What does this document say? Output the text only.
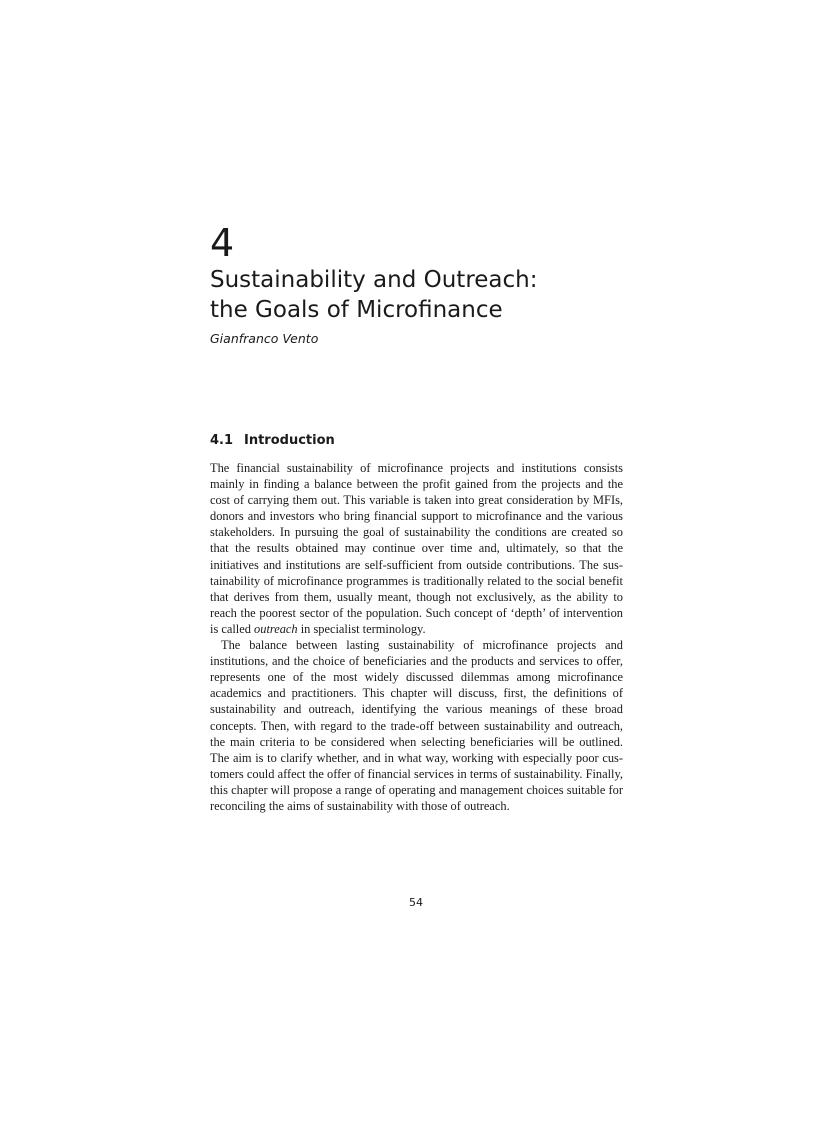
4
Sustainability and Outreach:
the Goals of Microfinance
Gianfranco Vento
4.1 Introduction

The financial sustainability of microfinance projects and institutions consists mainly in finding a balance between the profit gained from the projects and the cost of carrying them out. This variable is taken into great consideration by MFIs, donors and investors who bring financial support to microfinance and the various stakeholders. In pursuing the goal of sustainability the conditions are created so that the results obtained may continue over time and, ultimately, so that the initiatives and institutions are self-sufficient from outside contributions. The sustainability of microfinance programmes is traditionally related to the social benefit that derives from them, usually meant, though not exclusively, as the ability to reach the poorest sector of the population. Such concept of ‘depth’ of intervention is called outreach in specialist terminology.

The balance between lasting sustainability of microfinance projects and institutions, and the choice of beneficiaries and the products and services to offer, represents one of the most widely discussed dilemmas among microfinance academics and practitioners. This chapter will discuss, first, the definitions of sustainability and outreach, identifying the various meanings of these broad concepts. Then, with regard to the trade-off between sustainability and outreach, the main criteria to be considered when selecting beneficiaries will be outlined. The aim is to clarify whether, and in what way, working with especially poor customers could affect the offer of financial services in terms of sustainability. Finally, this chapter will propose a range of operating and management choices suitable for reconciling the aims of sustainability with those of outreach.

54
